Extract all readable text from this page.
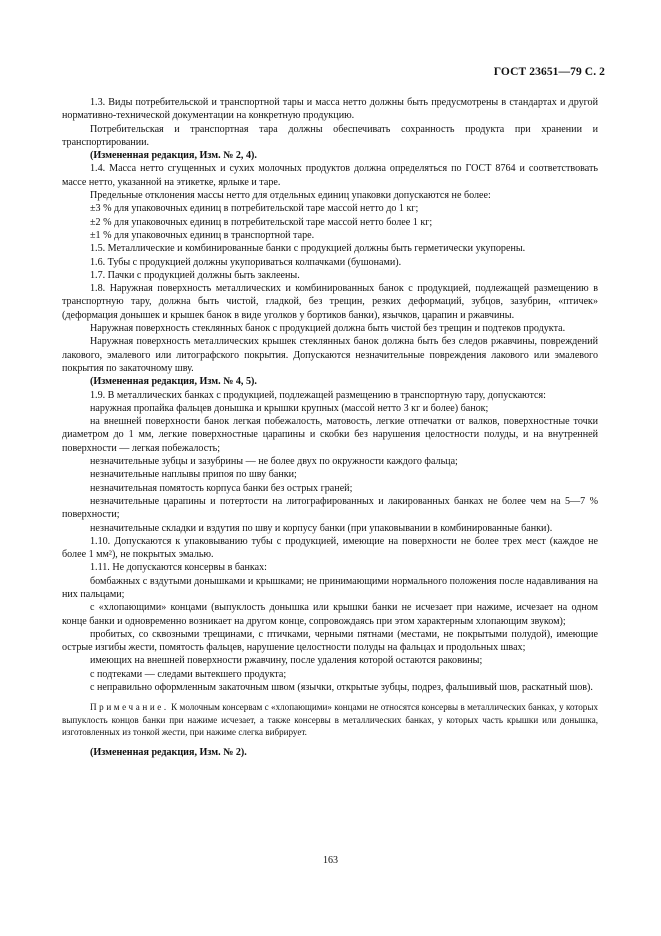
ГОСТ 23651—79 С. 2

1.3. Виды потребительской и транспортной тары и масса нетто должны быть предусмотрены в стандартах и другой нормативно-технической документации на конкретную продукцию.

Потребительская и транспортная тара должны обеспечивать сохранность продукта при хранении и транспортировании.

(Измененная редакция, Изм. № 2, 4).

1.4. Масса нетто сгущенных и сухих молочных продуктов должна определяться по ГОСТ 8764 и соответствовать массе нетто, указанной на этикетке, ярлыке и таре.

Предельные отклонения массы нетто для отдельных единиц упаковки допускаются не более:

±3 % для упаковочных единиц в потребительской таре массой нетто до 1 кг;

±2 % для упаковочных единиц в потребительской таре массой нетто более 1 кг;

±1 % для упаковочных единиц в транспортной таре.

1.5. Металлические и комбинированные банки с продукцией должны быть герметически укупорены.

1.6. Тубы с продукцией должны укупориваться колпачками (бушонами).

1.7. Пачки с продукцией должны быть заклеены.

1.8. Наружная поверхность металлических и комбинированных банок с продукцией, подлежащей размещению в транспортную тару, должна быть чистой, гладкой, без трещин, резких деформаций, зубцов, зазубрин, «птичек» (деформация донышек и крышек банок в виде уголков у бортиков банки), язычков, царапин и ржавчины.

Наружная поверхность стеклянных банок с продукцией должна быть чистой без трещин и подтеков продукта.

Наружная поверхность металлических крышек стеклянных банок должна быть без следов ржавчины, повреждений лакового, эмалевого или литографского покрытия. Допускаются незначительные повреждения лакового или эмалевого покрытия по закаточному шву.

(Измененная редакция, Изм. № 4, 5).

1.9. В металлических банках с продукцией, подлежащей размещению в транспортную тару, допускаются:

наружная пропайка фальцев донышка и крышки крупных (массой нетто 3 кг и более) банок;

на внешней поверхности банок легкая побежалость, матовость, легкие отпечатки от валков, поверхностные точки диаметром до 1 мм, легкие поверхностные царапины и скобки без нарушения целостности полуды, и на внутренней поверхности — легкая побежалость;

незначительные зубцы и зазубрины — не более двух по окружности каждого фальца;

незначительные наплывы припоя по шву банки;

незначительная помятость корпуса банки без острых граней;

незначительные царапины и потертости на литографированных и лакированных банках не более чем на 5—7 % поверхности;

незначительные складки и вздутия по шву и корпусу банки (при упаковывании в комбинированные банки).

1.10. Допускаются к упаковыванию тубы с продукцией, имеющие на поверхности не более трех мест (каждое не более 1 мм²), не покрытых эмалью.

1.11. Не допускаются консервы в банках:

бомбажных с вздутыми донышками и крышками; не принимающими нормального положения после надавливания на них пальцами;

с «хлопающими» концами (выпуклость донышка или крышки банки не исчезает при нажиме, исчезает на одном конце банки и одновременно возникает на другом конце, сопровождаясь при этом характерным хлопающим звуком);

пробитых, со сквозными трещинами, с птичками, черными пятнами (местами, не покрытыми полудой), имеющие острые изгибы жести, помятость фальцев, нарушение целостности полуды на фальцах и продольных швах;

имеющих на внешней поверхности ржавчину, после удаления которой остаются раковины;

с подтеками — следами вытекшего продукта;

с неправильно оформленным закаточным швом (язычки, открытые зубцы, подрез, фальшивый шов, раскатный шов).

Примечание. К молочным консервам с «хлопающими» концами не относятся консервы в металлических банках, у которых выпуклость концов банки при нажиме исчезает, а также консервы в металлических банках, у которых часть крышки или донышка, изготовленных из тонкой жести, при нажиме слегка вибрирует.

(Измененная редакция, Изм. № 2).

163
